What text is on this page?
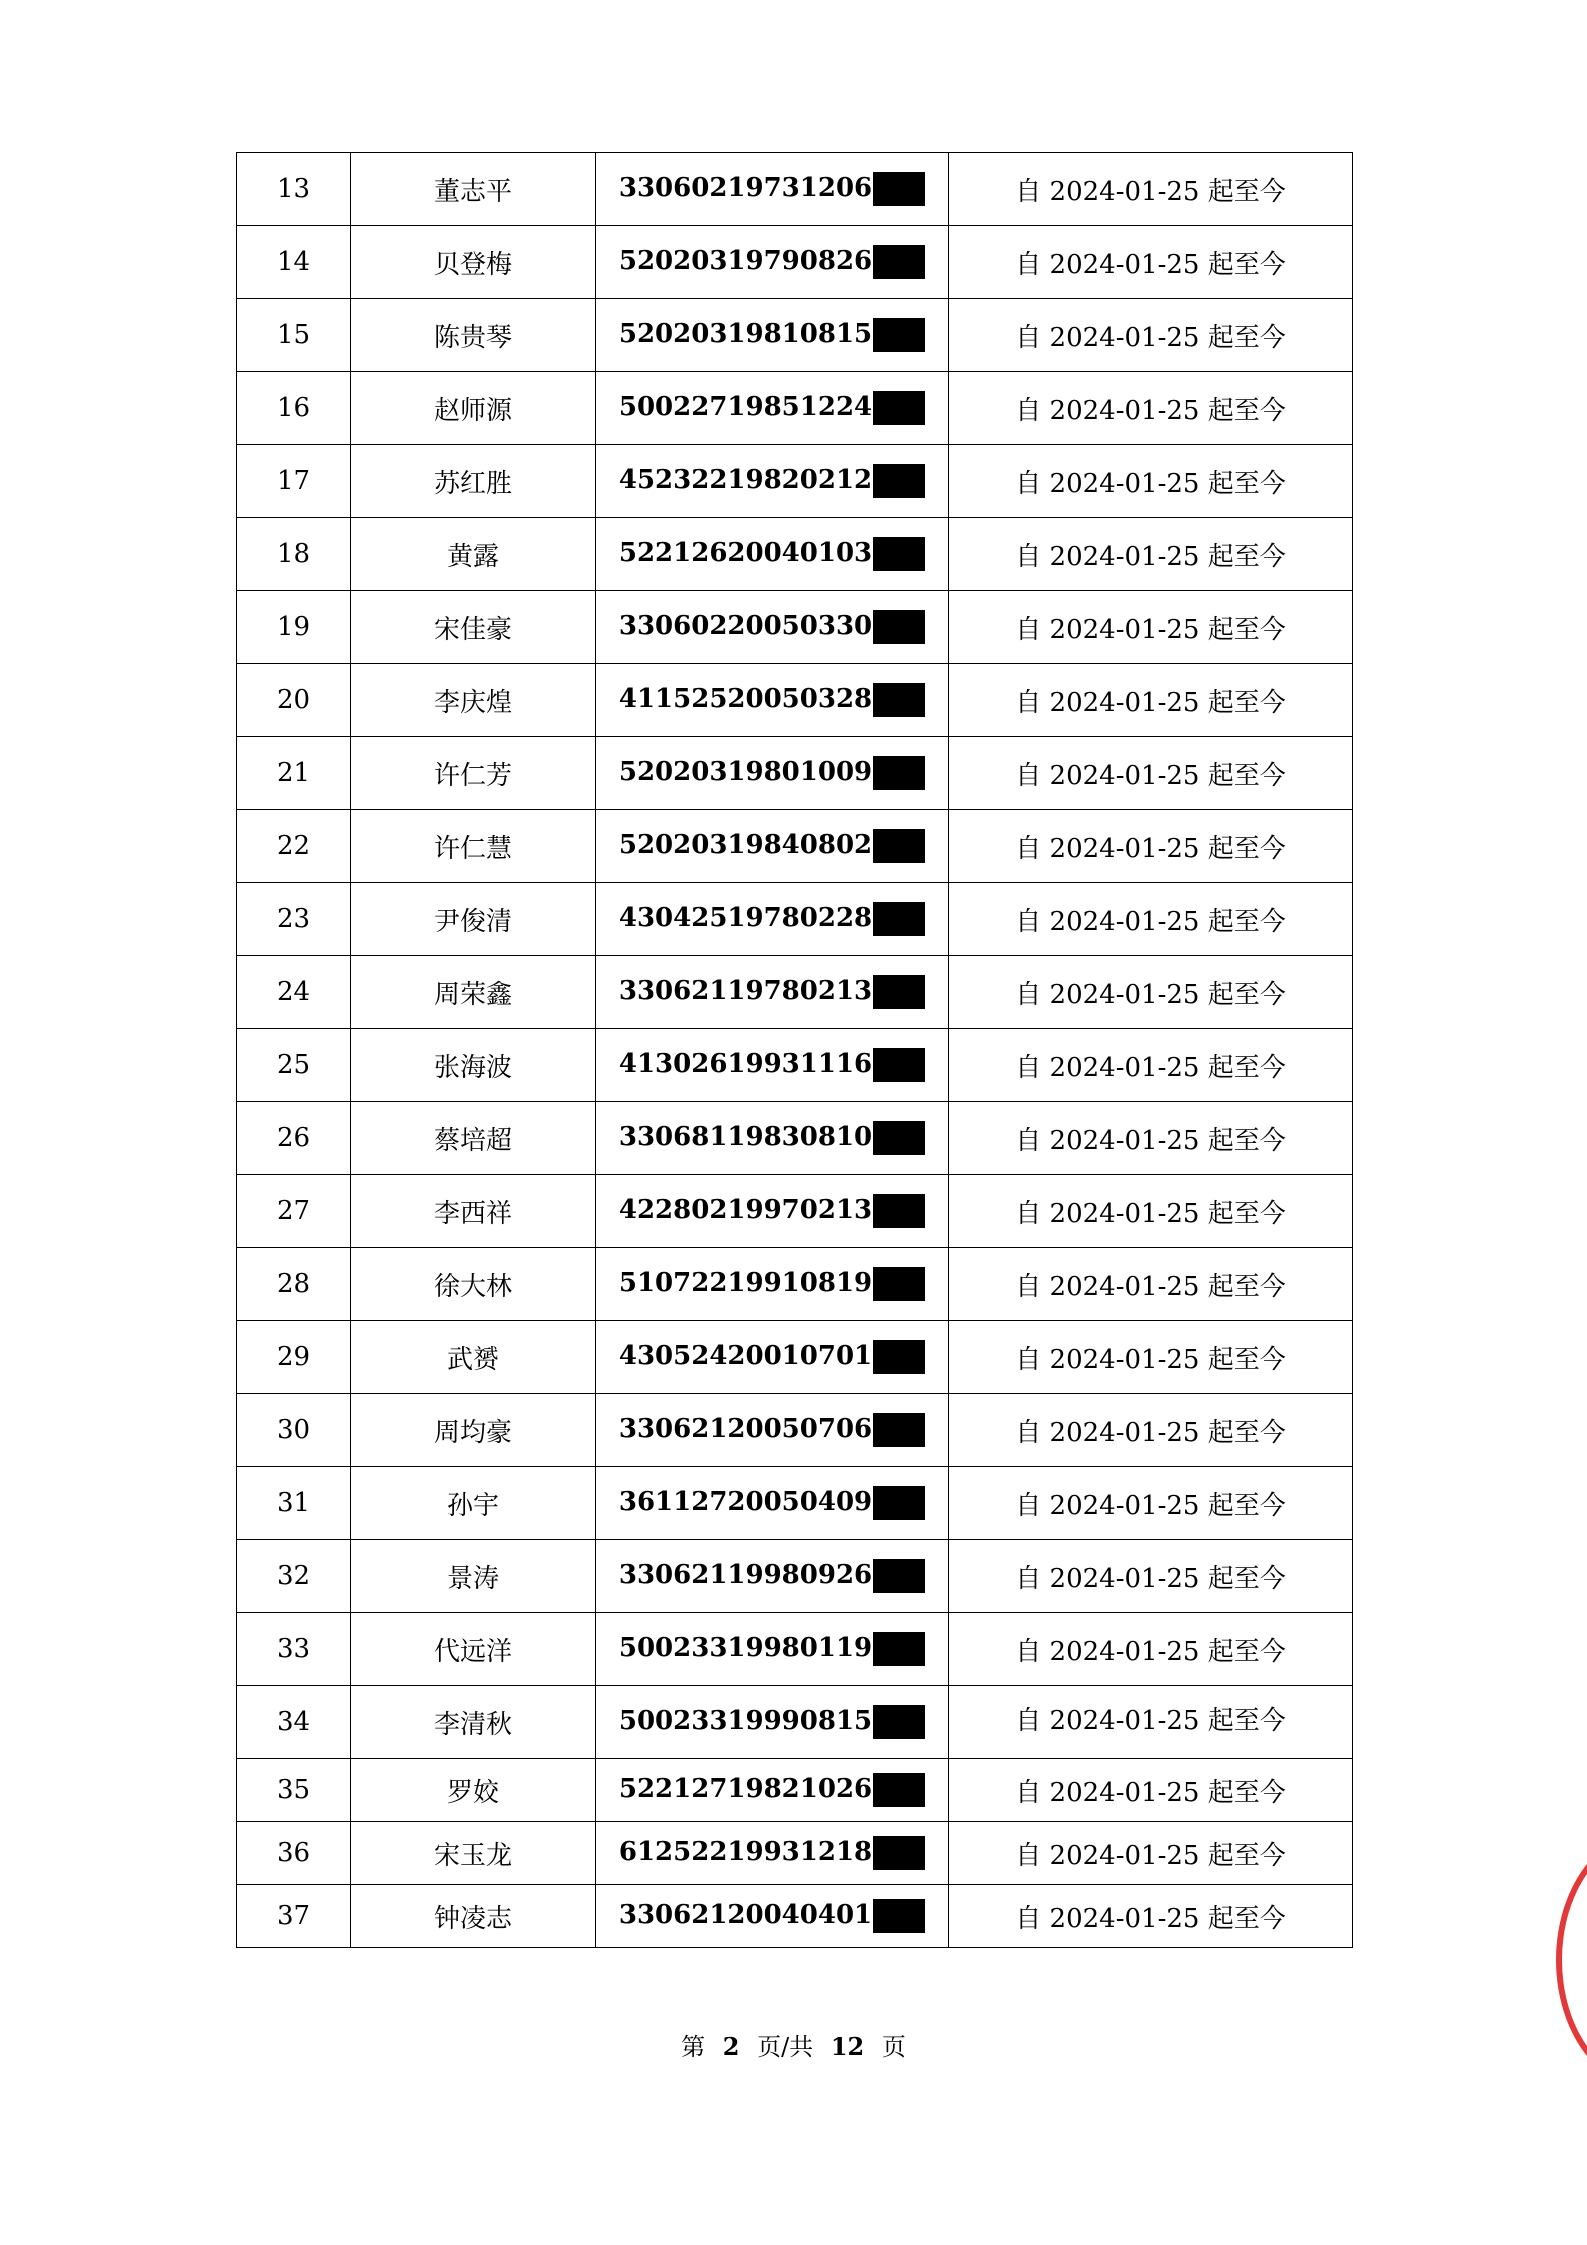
13	董志平	33060219731206	自 2024-01-25 起至今
14	贝登梅	52020319790826	自 2024-01-25 起至今
15	陈贵琴	52020319810815	自 2024-01-25 起至今
16	赵师源	50022719851224	自 2024-01-25 起至今
17	苏红胜	45232219820212	自 2024-01-25 起至今
18	黄露	52212620040103	自 2024-01-25 起至今
19	宋佳豪	33060220050330	自 2024-01-25 起至今
20	李庆煌	41152520050328	自 2024-01-25 起至今
21	许仁芳	52020319801009	自 2024-01-25 起至今
22	许仁慧	52020319840802	自 2024-01-25 起至今
23	尹俊清	43042519780228	自 2024-01-25 起至今
24	周荣鑫	33062119780213	自 2024-01-25 起至今
25	张海波	41302619931116	自 2024-01-25 起至今
26	蔡培超	33068119830810	自 2024-01-25 起至今
27	李西祥	42280219970213	自 2024-01-25 起至今
28	徐大林	51072219910819	自 2024-01-25 起至今
29	武赟	43052420010701	自 2024-01-25 起至今
30	周均豪	33062120050706	自 2024-01-25 起至今
31	孙宇	36112720050409	自 2024-01-25 起至今
32	景涛	33062119980926	自 2024-01-25 起至今
33	代远洋	50023319980119	自 2024-01-25 起至今
34	李清秋	50023319990815	自 2024-01-25 起至今
35	罗姣	52212719821026	自 2024-01-25 起至今
36	宋玉龙	61252219931218	自 2024-01-25 起至今
37	钟凌志	33062120040401	自 2024-01-25 起至今
第 2 页/共 12 页
